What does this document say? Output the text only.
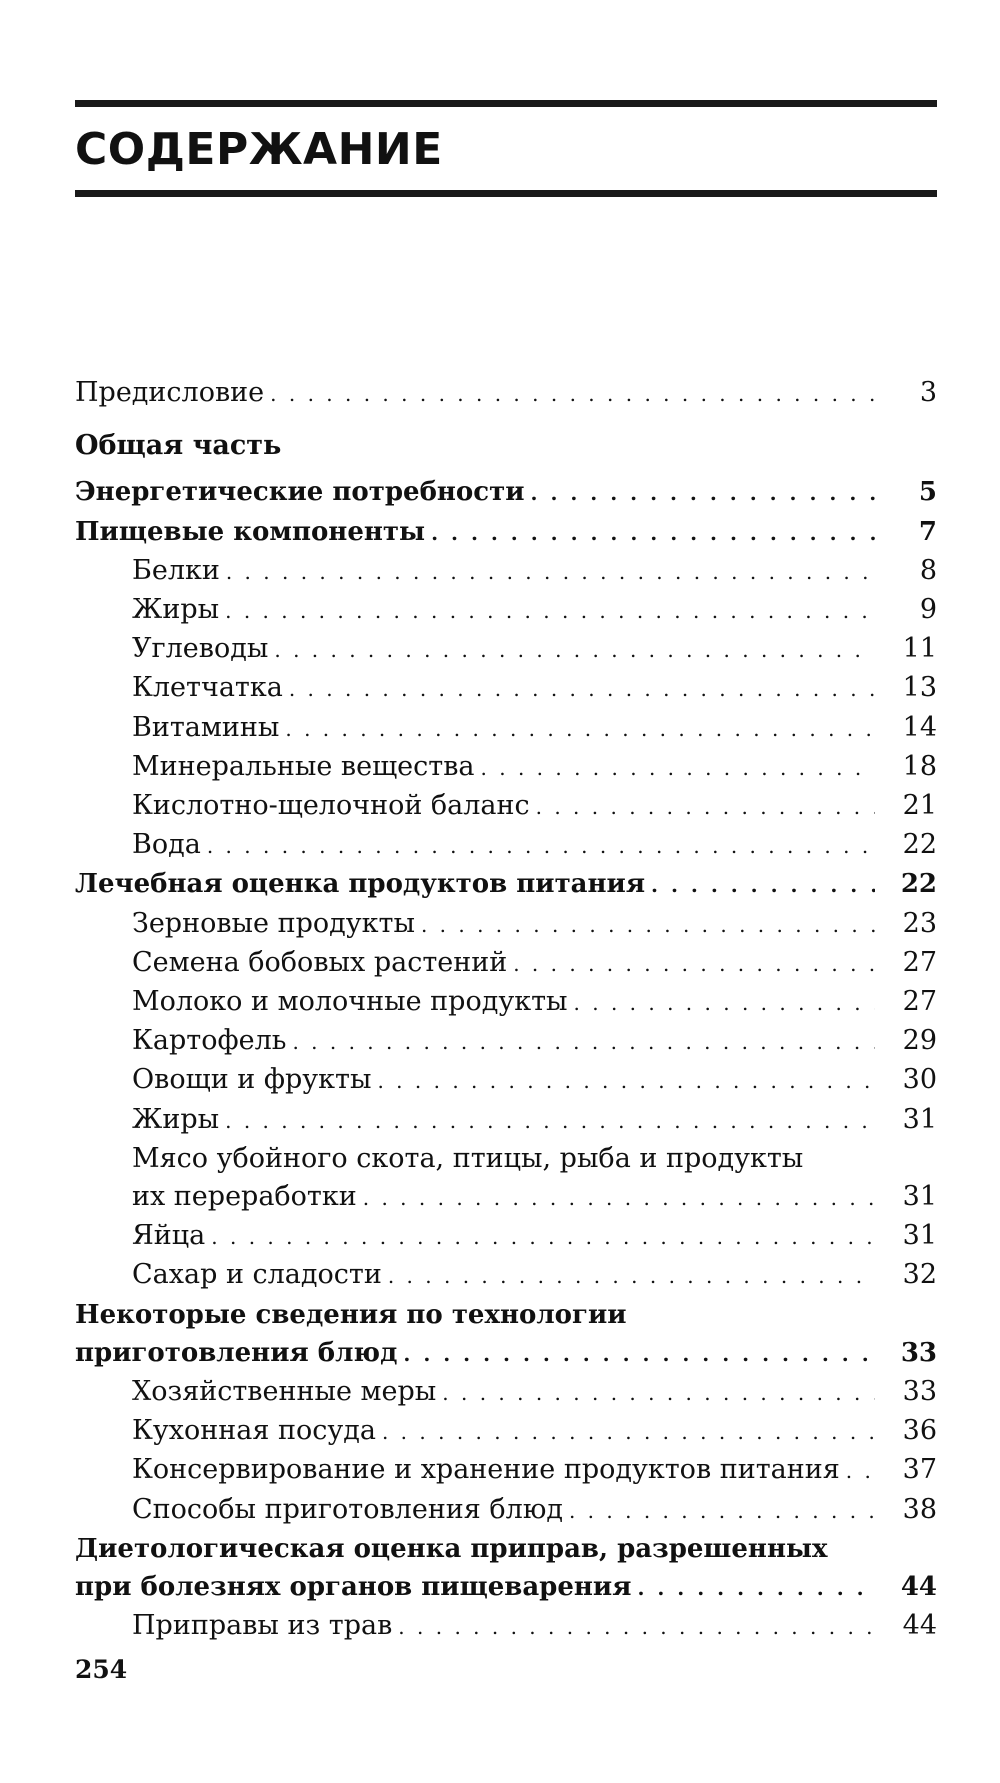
СОДЕРЖАНИЕ
Предисловие . . .	3
Общая часть
Энергетические потребности . . .	5
Пищевые компоненты . . .	7
Белки . . .	8
Жиры . . .	9
Углеводы . . .	11
Клетчатка . . .	13
Витамины . . .	14
Минеральные вещества . . .	18
Кислотно-щелочной баланс . . .	21
Вода . . .	22
Лечебная оценка продуктов питания . . .	22
Зерновые продукты . . .	23
Семена бобовых растений . . .	27
Молоко и молочные продукты . . .	27
Картофель . . .	29
Овощи и фрукты . . .	30
Жиры . . .	31
Мясо убойного скота, птицы, рыба и продукты
их переработки . . .	31
Яйца . . .	31
Сахар и сладости . . .	32
Некоторые сведения по технологии
приготовления блюд . . .	33
Хозяйственные меры . . .	33
Кухонная посуда . . .	36
Консервирование и хранение продуктов питания . . .	37
Способы приготовления блюд . . .	38
Диетологическая оценка приправ, разрешенных
при болезнях органов пищеварения . . .	44
Приправы из трав . . .	44
254
